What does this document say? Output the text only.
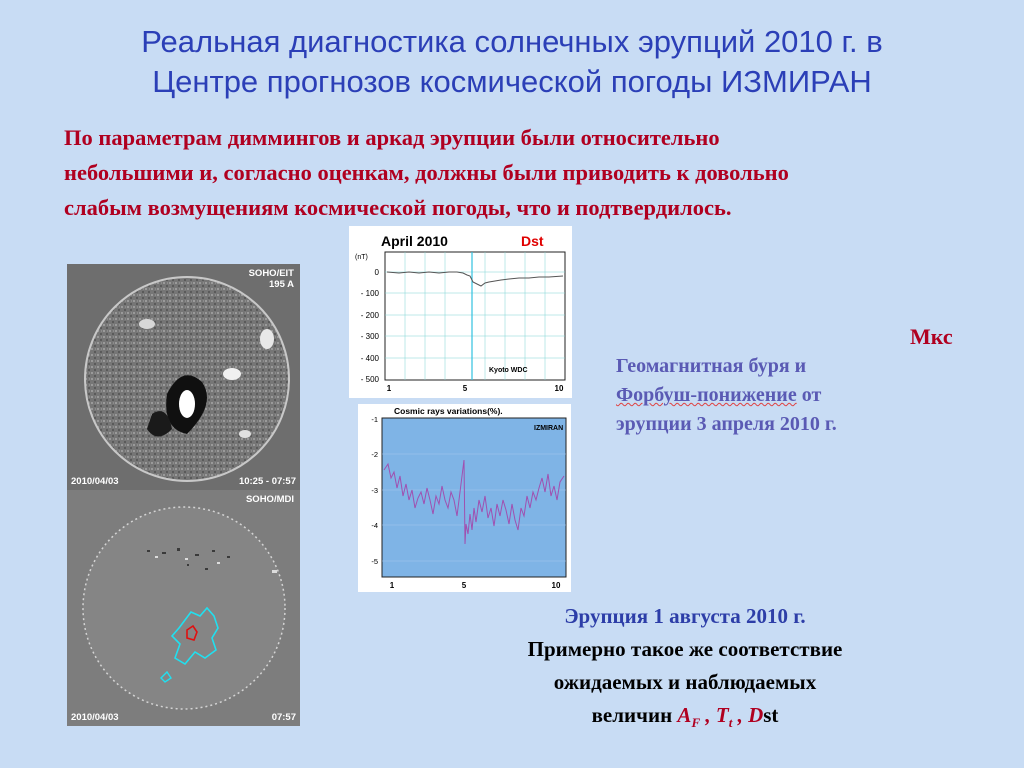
Реальная диагностика солнечных эрупций 2010 г. в
Центре прогнозов космической погоды ИЗМИРАН
По параметрам диммингов и аркад эрупции были относительно
небольшими и, согласно оценкам, должны были приводить к довольно
слабым возмущениям космической погоды, что и подтвердилось.
SOHO/EIT
195 A
2010/04/03	10:25 - 07:57
SOHO/MDI
2010/04/03	07:57
April 2010	Dst
(nT)
0
- 100
- 200
- 300
- 400
- 500
1	5	10
Kyoto WDC
Cosmic rays variations(%).
-1
-2
-3
-4
-5
1	5	10
IZMIRAN
Мкс
Геомагнитная буря и
Форбуш-понижение от
эрупции 3 апреля 2010 г.
Эрупция 1 августа 2010 г.
Примерно такое же соответствие
ожидаемых и наблюдаемых
величин $A_F$ , $T_t$ , Dst
